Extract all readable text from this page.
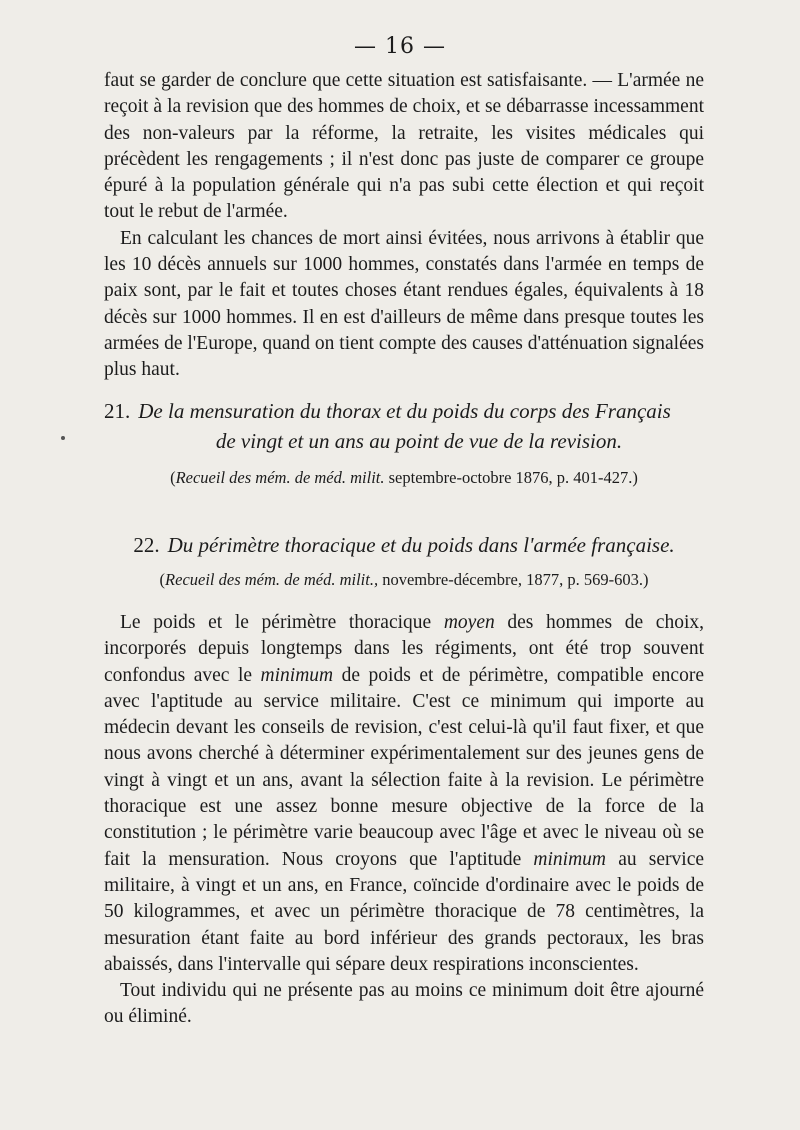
— 16 —

faut se garder de conclure que cette situation est satisfaisante. — L'armée ne reçoit à la revision que des hommes de choix, et se débarrasse incessamment des non-valeurs par la réforme, la retraite, les visites médicales qui précèdent les rengagements ; il n'est donc pas juste de comparer ce groupe épuré à la population générale qui n'a pas subi cette élection et qui reçoit tout le rebut de l'armée.

En calculant les chances de mort ainsi évitées, nous arrivons à établir que les 10 décès annuels sur 1000 hommes, constatés dans l'armée en temps de paix sont, par le fait et toutes choses étant rendues égales, équivalents à 18 décès sur 1000 hommes. Il en est d'ailleurs de même dans presque toutes les armées de l'Europe, quand on tient compte des causes d'atténuation signalées plus haut.

21. De la mensuration du thorax et du poids du corps des Français
de vingt et un ans au point de vue de la revision.

(Recueil des mém. de méd. milit. septembre-octobre 1876, p. 401-427.)

22. Du périmètre thoracique et du poids dans l'armée française.

(Recueil des mém. de méd. milit., novembre-décembre, 1877, p. 569-603.)

Le poids et le périmètre thoracique moyen des hommes de choix, incorporés depuis longtemps dans les régiments, ont été trop souvent confondus avec le minimum de poids et de périmètre, compatible encore avec l'aptitude au service militaire. C'est ce minimum qui importe au médecin devant les conseils de revision, c'est celui-là qu'il faut fixer, et que nous avons cherché à déterminer expérimentalement sur des jeunes gens de vingt à vingt et un ans, avant la sélection faite à la revision. Le périmètre thoracique est une assez bonne mesure objective de la force de la constitution ; le périmètre varie beaucoup avec l'âge et avec le niveau où se fait la mensuration. Nous croyons que l'aptitude minimum au service militaire, à vingt et un ans, en France, coïncide d'ordinaire avec le poids de 50 kilogrammes, et avec un périmètre thoracique de 78 centimètres, la mesuration étant faite au bord inférieur des grands pectoraux, les bras abaissés, dans l'intervalle qui sépare deux respirations inconscientes.

Tout individu qui ne présente pas au moins ce minimum doit être ajourné ou éliminé.
